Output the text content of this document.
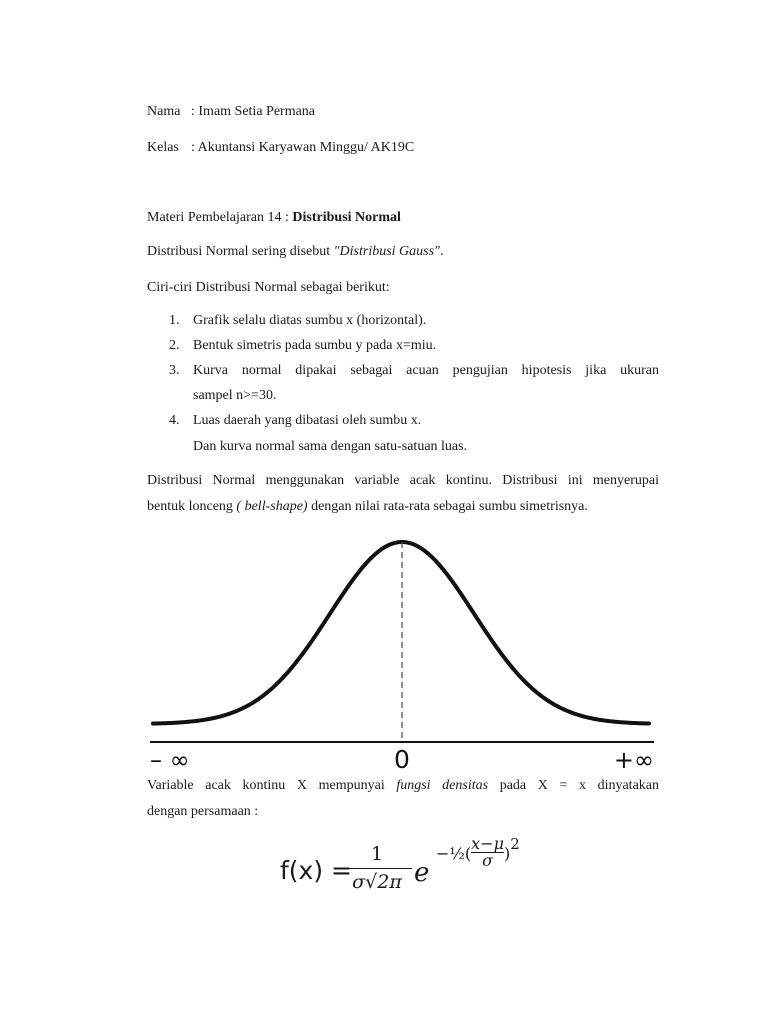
Nama : Imam Setia Permana
Kelas : Akuntansi Karyawan Minggu/ AK19C
Materi Pembelajaran 14 : Distribusi Normal
Distribusi Normal sering disebut "Distribusi Gauss".
Ciri-ciri Distribusi Normal sebagai berikut:
1. Grafik selalu diatas sumbu x (horizontal).
2. Bentuk simetris pada sumbu y pada x=miu.
3. Kurva normal dipakai sebagai acuan pengujian hipotesis jika ukuran
sampel n>=30.
4. Luas daerah yang dibatasi oleh sumbu x.
Dan kurva normal sama dengan satu-satuan luas.
Distribusi Normal menggunakan variable acak kontinu. Distribusi ini menyerupai
bentuk lonceng ( bell-shape) dengan nilai rata-rata sebagai sumbu simetrisnya.
– ∞	0	+∞
Variable acak kontinu X mempunyai fungsi densitas pada X = x dinyatakan
dengan persamaan :
f(x) =
1
σ√2π e
−½( $\frac{x-\mu}{\sigma} )2$
